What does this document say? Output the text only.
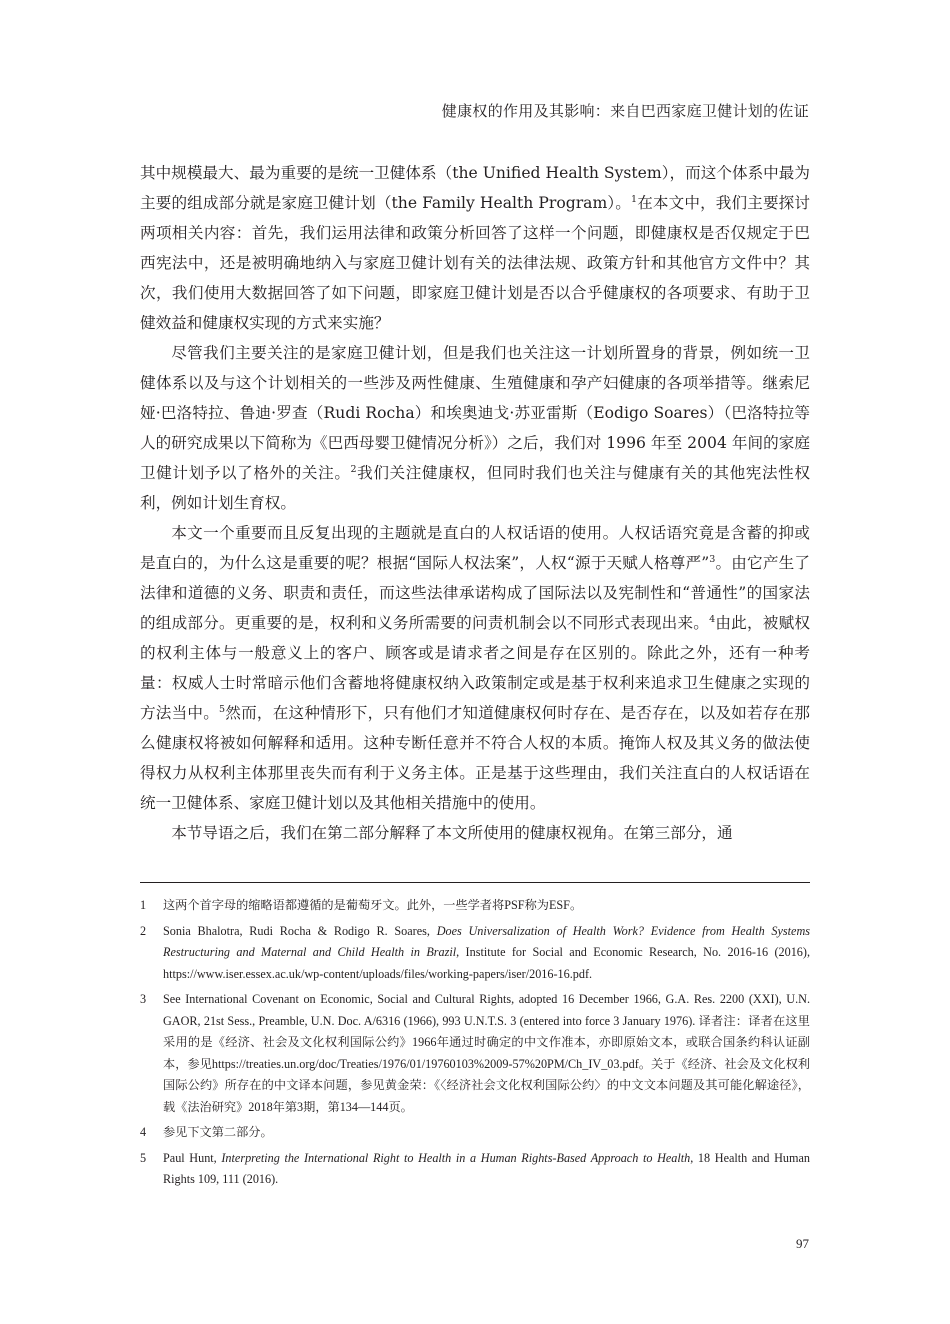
健康权的作用及其影响：来自巴西家庭卫健计划的佐证

其中规模最大、最为重要的是统一卫健体系（the Unified Health System），而这个体系中最为主要的组成部分就是家庭卫健计划（the Family Health Program）。$^1$在本文中，我们主要探讨两项相关内容：首先，我们运用法律和政策分析回答了这样一个问题，即健康权是否仅规定于巴西宪法中，还是被明确地纳入与家庭卫健计划有关的法律法规、政策方针和其他官方文件中？其次，我们使用大数据回答了如下问题，即家庭卫健计划是否以合乎健康权的各项要求、有助于卫健效益和健康权实现的方式来实施？

尽管我们主要关注的是家庭卫健计划，但是我们也关注这一计划所置身的背景，例如统一卫健体系以及与这个计划相关的一些涉及两性健康、生殖健康和孕产妇健康的各项举措等。继索尼娅·巴洛特拉、鲁迪·罗查（Rudi Rocha）和埃奥迪戈·苏亚雷斯（Eodigo Soares）（巴洛特拉等人的研究成果以下简称为《巴西母婴卫健情况分析》）之后，我们对 1996 年至 2004 年间的家庭卫健计划予以了格外的关注。$^2$我们关注健康权，但同时我们也关注与健康有关的其他宪法性权利，例如计划生育权。

本文一个重要而且反复出现的主题就是直白的人权话语的使用。人权话语究竟是含蓄的抑或是直白的，为什么这是重要的呢？根据“国际人权法案”，人权“源于天赋人格尊严”$^3$。由它产生了法律和道德的义务、职责和责任，而这些法律承诺构成了国际法以及宪制性和“普通性”的国家法的组成部分。更重要的是，权利和义务所需要的问责机制会以不同形式表现出来。$^4$由此，被赋权的权利主体与一般意义上的客户、顾客或是请求者之间是存在区别的。除此之外，还有一种考量：权威人士时常暗示他们含蓄地将健康权纳入政策制定或是基于权利来追求卫生健康之实现的方法当中。$^5$然而，在这种情形下，只有他们才知道健康权何时存在、是否存在，以及如若存在那么健康权将被如何解释和适用。这种专断任意并不符合人权的本质。掩饰人权及其义务的做法使得权力从权利主体那里丧失而有利于义务主体。正是基于这些理由，我们关注直白的人权话语在统一卫健体系、家庭卫健计划以及其他相关措施中的使用。

本节导语之后，我们在第二部分解释了本文所使用的健康权视角。在第三部分，通

1	这两个首字母的缩略语都遵循的是葡萄牙文。此外，一些学者将PSF称为ESF。
2	Sonia Bhalotra, Rudi Rocha & Rodigo R. Soares, Does Universalization of Health Work? Evidence from Health Systems Restructuring and Maternal and Child Health in Brazil, Institute for Social and Economic Research, No. 2016-16 (2016), https://www.iser.essex.ac.uk/wp-content/uploads/files/working-papers/iser/2016-16.pdf.
3	See International Covenant on Economic, Social and Cultural Rights, adopted 16 December 1966, G.A. Res. 2200 (XXI), U.N. GAOR, 21st Sess., Preamble, U.N. Doc. A/6316 (1966), 993 U.N.T.S. 3 (entered into force 3 January 1976). 译者注：译者在这里采用的是《经济、社会及文化权利国际公约》1966年通过时确定的中文作准本，亦即原始文本，或联合国条约科认证副本，参见https://treaties.un.org/doc/Treaties/1976/01/19760103%2009-57%20PM/Ch_IV_03.pdf。关于《经济、社会及文化权利国际公约》所存在的中文译本问题，参见黄金荣：《〈经济社会文化权利国际公约〉的中文文本问题及其可能化解途径》，载《法治研究》2018年第3期，第134—144页。
4	参见下文第二部分。
5	Paul Hunt, Interpreting the International Right to Health in a Human Rights-Based Approach to Health, 18 Health and Human Rights 109, 111 (2016).
97
